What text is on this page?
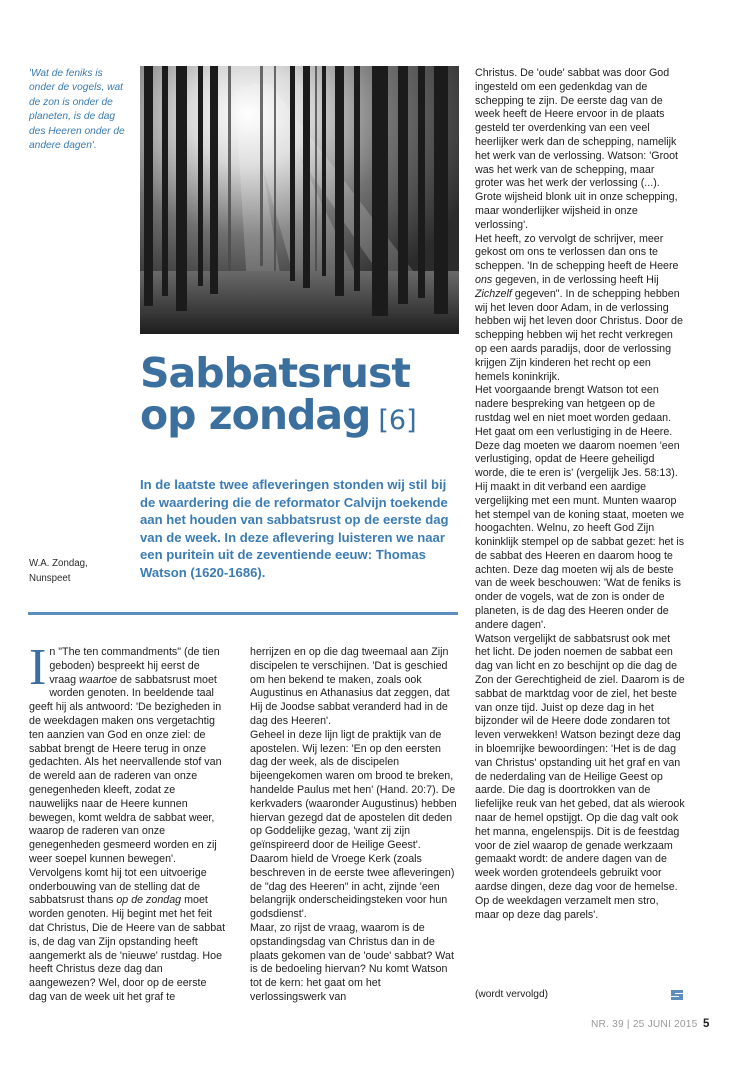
'Wat de feniks is onder de vogels, wat de zon is onder de planeten, is de dag des Heeren onder de andere dagen'.
Sabbatsrust
op zondag [6]
In de laatste twee afleveringen stonden wij stil bij de waardering die de reformator Calvijn toekende aan het houden van sabbatsrust op de eerste dag van de week. In deze aflevering luisteren we naar een puritein uit de zeventiende eeuw: Thomas Watson (1620-1686).
W.A. Zondag,
Nunspeet

In "The ten commandments" (de tien geboden) bespreekt hij eerst de vraag waartoe de sabbatsrust moet worden genoten. In beeldende taal geeft hij als antwoord: 'De bezigheden in de weekdagen maken ons vergetachtig ten aanzien van God en onze ziel: de sabbat brengt de Heere terug in onze gedachten. Als het neervallende stof van de wereld aan de raderen van onze genegenheden kleeft, zodat ze nauwelijks naar de Heere kunnen bewegen, komt weldra de sabbat weer, waarop de raderen van onze genegenheden gesmeerd worden en zij weer soepel kunnen bewegen'.

Vervolgens komt hij tot een uitvoerige onderbouwing van de stelling dat de sabbatsrust thans op de zondag moet worden genoten. Hij begint met het feit dat Christus, Die de Heere van de sabbat is, de dag van Zijn opstanding heeft aangemerkt als de 'nieuwe' rustdag. Hoe heeft Christus deze dag dan aangewezen? Wel, door op de eerste dag van de week uit het graf te

herrijzen en op die dag tweemaal aan Zijn discipelen te verschijnen. 'Dat is geschied om hen bekend te maken, zoals ook Augustinus en Athanasius dat zeggen, dat Hij de Joodse sabbat veranderd had in de dag des Heeren'.

Geheel in deze lijn ligt de praktijk van de apostelen. Wij lezen: 'En op den eersten dag der week, als de discipelen bijeengekomen waren om brood te breken, handelde Paulus met hen' (Hand. 20:7). De kerkvaders (waaronder Augustinus) hebben hiervan gezegd dat de apostelen dit deden op Goddelijke gezag, 'want zij zijn geïnspireerd door de Heilige Geest'. Daarom hield de Vroege Kerk (zoals beschreven in de eerste twee afleveringen) de "dag des Heeren" in acht, zijnde 'een belangrijk onderscheidingsteken voor hun godsdienst'.

Maar, zo rijst de vraag, waarom is de opstandingsdag van Christus dan in de plaats gekomen van de 'oude' sabbat? Wat is de bedoeling hiervan? Nu komt Watson tot de kern: het gaat om het verlossingswerk van

Christus. De 'oude' sabbat was door God ingesteld om een gedenkdag van de schepping te zijn. De eerste dag van de week heeft de Heere ervoor in de plaats gesteld ter overdenking van een veel heerlijker werk dan de schepping, namelijk het werk van de verlossing. Watson: 'Groot was het werk van de schepping, maar groter was het werk der verlossing (...). Grote wijsheid blonk uit in onze schepping, maar wonderlijker wijsheid in onze verlossing'.

Het heeft, zo vervolgt de schrijver, meer gekost om ons te verlossen dan ons te scheppen. 'In de schepping heeft de Heere ons gegeven, in de verlossing heeft Hij Zichzelf gegeven". In de schepping hebben wij het leven door Adam, in de verlossing hebben wij het leven door Christus. Door de schepping hebben wij het recht verkregen op een aards paradijs, door de verlossing krijgen Zijn kinderen het recht op een hemels koninkrijk.

Het voorgaande brengt Watson tot een nadere bespreking van hetgeen op de rustdag wel en niet moet worden gedaan. Het gaat om een verlustiging in de Heere. Deze dag moeten we daarom noemen 'een verlustiging, opdat de Heere geheiligd worde, die te eren is' (vergelijk Jes. 58:13). Hij maakt in dit verband een aardige vergelijking met een munt. Munten waarop het stempel van de koning staat, moeten we hoogachten. Welnu, zo heeft God Zijn koninklijk stempel op de sabbat gezet: het is de sabbat des Heeren en daarom hoog te achten. Deze dag moeten wij als de beste van de week beschouwen: 'Wat de feniks is onder de vogels, wat de zon is onder de planeten, is de dag des Heeren onder de andere dagen'.

Watson vergelijkt de sabbatsrust ook met het licht. De joden noemen de sabbat een dag van licht en zo beschijnt op die dag de Zon der Gerechtigheid de ziel. Daarom is de sabbat de marktdag voor de ziel, het beste van onze tijd. Juist op deze dag in het bijzonder wil de Heere dode zondaren tot leven verwekken! Watson bezingt deze dag in bloemrijke bewoordingen: 'Het is de dag van Christus' opstanding uit het graf en van de nederdaling van de Heilige Geest op aarde. Die dag is doortrokken van de liefelijke reuk van het gebed, dat als wierook naar de hemel opstijgt. Op die dag valt ook het manna, engelenspijs. Dit is de feestdag voor de ziel waarop de genade werkzaam gemaakt wordt: de andere dagen van de week worden grotendeels gebruikt voor aardse dingen, deze dag voor de hemelse. Op de weekdagen verzamelt men stro, maar op deze dag parels'.

(wordt vervolgd)
NR. 39 | 25 JUNI 2015 5
